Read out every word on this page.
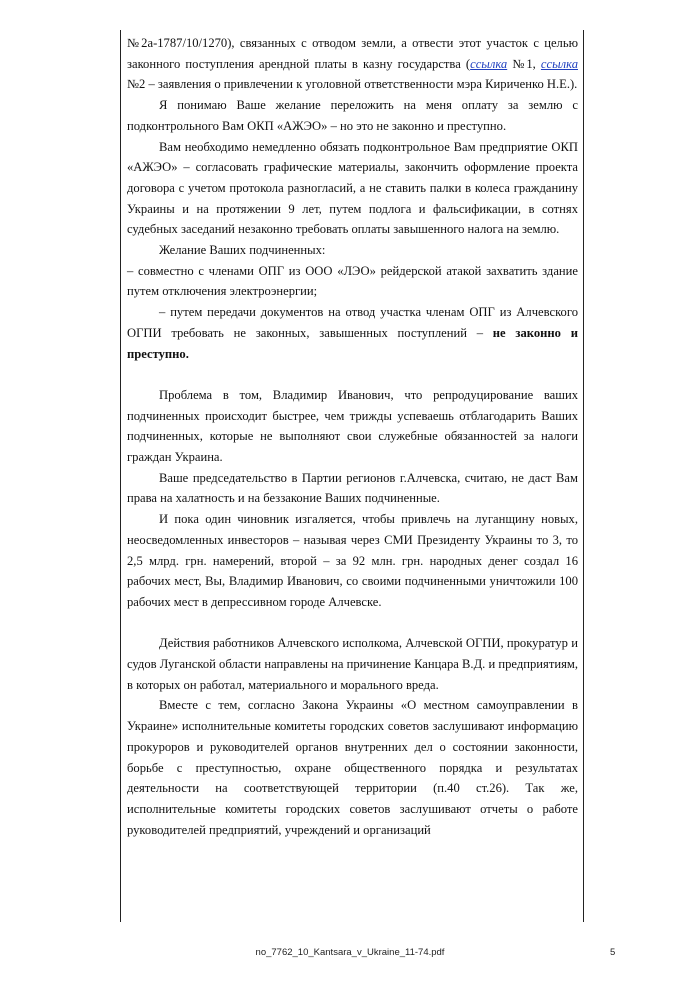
№2а-1787/10/1270), связанных с отводом земли, а отвести этот участок с целью законного поступления арендной платы в казну государства (ссылка №1, ссылка №2 – заявления о привлечении к уголовной ответственности мэра Кириченко Н.Е.).

Я понимаю Ваше желание переложить на меня оплату за землю с подконтрольного Вам ОКП «АЖЭО» – но это не законно и преступно.

Вам необходимо немедленно обязать подконтрольное Вам предприятие ОКП «АЖЭО» – согласовать графические материалы, закончить оформление проекта договора с учетом протокола разногласий, а не ставить палки в колеса гражданину Украины и на протяжении 9 лет, путем подлога и фальсификации, в сотнях судебных заседаний незаконно требовать оплаты завышенного налога на землю.

Желание Ваших подчиненных:

– совместно с членами ОПГ из ООО «ЛЭО» рейдерской атакой захватить здание путем отключения электроэнергии;

– путем передачи документов на отвод участка членам ОПГ из Алчевского ОГПИ требовать не законных, завышенных поступлений – не законно и преступно.

Проблема в том, Владимир Иванович, что репродуцирование ваших подчиненных происходит быстрее, чем трижды успеваешь отблагодарить Ваших подчиненных, которые не выполняют свои служебные обязанностей за налоги граждан Украина.

Ваше председательство в Партии регионов г.Алчевска, считаю, не даст Вам права на халатность и на беззаконие Ваших подчиненные.

И пока один чиновник изгаляется, чтобы привлечь на луганщину новых, неосведомленных инвесторов – называя через СМИ Президенту Украины то 3, то 2,5 млрд. грн. намерений, второй – за 92 млн. грн. народных денег создал 16 рабочих мест, Вы, Владимир Иванович, со своими подчиненными уничтожили 100 рабочих мест в депрессивном городе Алчевске.

Действия работников Алчевского исполкома, Алчевской ОГПИ, прокуратур и судов Луганской области направлены на причинение Канцара В.Д. и предприятиям, в которых он работал, материального и морального вреда.

Вместе с тем, согласно Закона Украины «О местном самоуправлении в Украине» исполнительные комитеты городских советов заслушивают информацию прокуроров и руководителей органов внутренних дел о состоянии законности, борьбе с преступностью, охране общественного порядка и результатах деятельности на соответствующей территории (п.40 ст.26). Так же, исполнительные комитеты городских советов заслушивают отчеты о работе руководителей предприятий, учреждений и организаций

no_7762_10_Kantsara_v_Ukraine_11-74.pdf	5
